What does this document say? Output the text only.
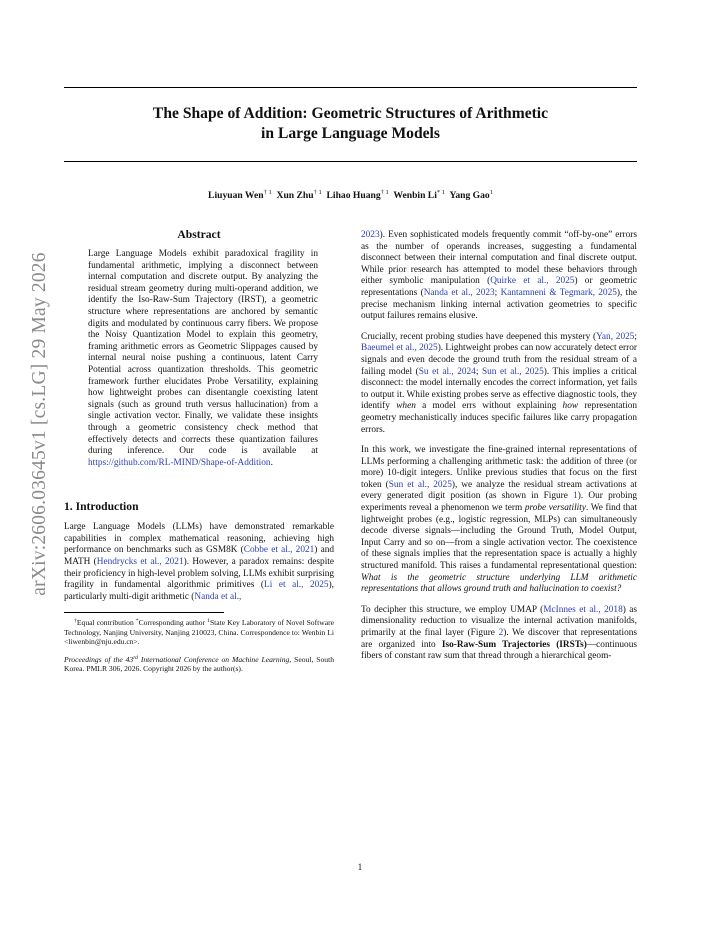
arXiv:2606.03645v1 [cs.LG] 29 May 2026
The Shape of Addition: Geometric Structures of Arithmetic
in Large Language Models
Liuyuan Wen$^{\dagger 1}$ Xun Zhu$^{\dagger 1}$ Lihao Huang$^{\dagger 1}$ Wenbin Li$^{* 1}$ Yang Gao$^1$
Abstract

Large Language Models exhibit paradoxical fragility in fundamental arithmetic, implying a disconnect between internal computation and discrete output. By analyzing the residual stream geometry during multi-operand addition, we identify the Iso-Raw-Sum Trajectory (IRST), a geometric structure where representations are anchored by semantic digits and modulated by continuous carry fibers. We propose the Noisy Quantization Model to explain this geometry, framing arithmetic errors as Geometric Slippages caused by internal neural noise pushing a continuous, latent Carry Potential across quantization thresholds. This geometric framework further elucidates Probe Versatility, explaining how lightweight probes can disentangle coexisting latent signals (such as ground truth versus hallucination) from a single activation vector. Finally, we validate these insights through a geometric consistency check method that effectively detects and corrects these quantization failures during inference. Our code is available at https://github.com/RL-MIND/Shape-of-Addition.

1. Introduction

Large Language Models (LLMs) have demonstrated remarkable capabilities in complex mathematical reasoning, achieving high performance on benchmarks such as GSM8K (Cobbe et al., 2021) and MATH (Hendrycks et al., 2021). However, a paradox remains: despite their proficiency in high-level problem solving, LLMs exhibit surprising fragility in fundamental algorithmic primitives (Li et al., 2025), particularly multi-digit arithmetic (Nanda et al.,

†Equal contribution *Corresponding author $^1$State Key Laboratory of Novel Software Technology, Nanjing University, Nanjing 210023, China. Correspondence to: Wenbin Li <liwenbin@nju.edu.cn>.

Proceedings of the 43rd International Conference on Machine Learning, Seoul, South Korea. PMLR 306, 2026. Copyright 2026 by the author(s).

2023). Even sophisticated models frequently commit “off-by-one” errors as the number of operands increases, suggesting a fundamental disconnect between their internal computation and final discrete output. While prior research has attempted to model these behaviors through either symbolic manipulation (Quirke et al., 2025) or geometric representations (Nanda et al., 2023; Kantamneni & Tegmark, 2025), the precise mechanism linking internal activation geometries to specific output failures remains elusive.

Crucially, recent probing studies have deepened this mystery (Yan, 2025; Baeumel et al., 2025). Lightweight probes can now accurately detect error signals and even decode the ground truth from the residual stream of a failing model (Su et al., 2024; Sun et al., 2025). This implies a critical disconnect: the model internally encodes the correct information, yet fails to output it. While existing probes serve as effective diagnostic tools, they identify when a model errs without explaining how representation geometry mechanistically induces specific failures like carry propagation errors.

In this work, we investigate the fine-grained internal representations of LLMs performing a challenging arithmetic task: the addition of three (or more) 10-digit integers. Unlike previous studies that focus on the first token (Sun et al., 2025), we analyze the residual stream activations at every generated digit position (as shown in Figure 1). Our probing experiments reveal a phenomenon we term probe versatility. We find that lightweight probes (e.g., logistic regression, MLPs) can simultaneously decode diverse signals—including the Ground Truth, Model Output, Input Carry and so on—from a single activation vector. The coexistence of these signals implies that the representation space is actually a highly structured manifold. This raises a fundamental representational question: What is the geometric structure underlying LLM arithmetic representations that allows ground truth and hallucination to coexist?

To decipher this structure, we employ UMAP (McInnes et al., 2018) as dimensionality reduction to visualize the internal activation manifolds, primarily at the final layer (Figure 2). We discover that representations are organized into Iso-Raw-Sum Trajectories (IRSTs)—continuous fibers of constant raw sum that thread through a hierarchical geom-

1
